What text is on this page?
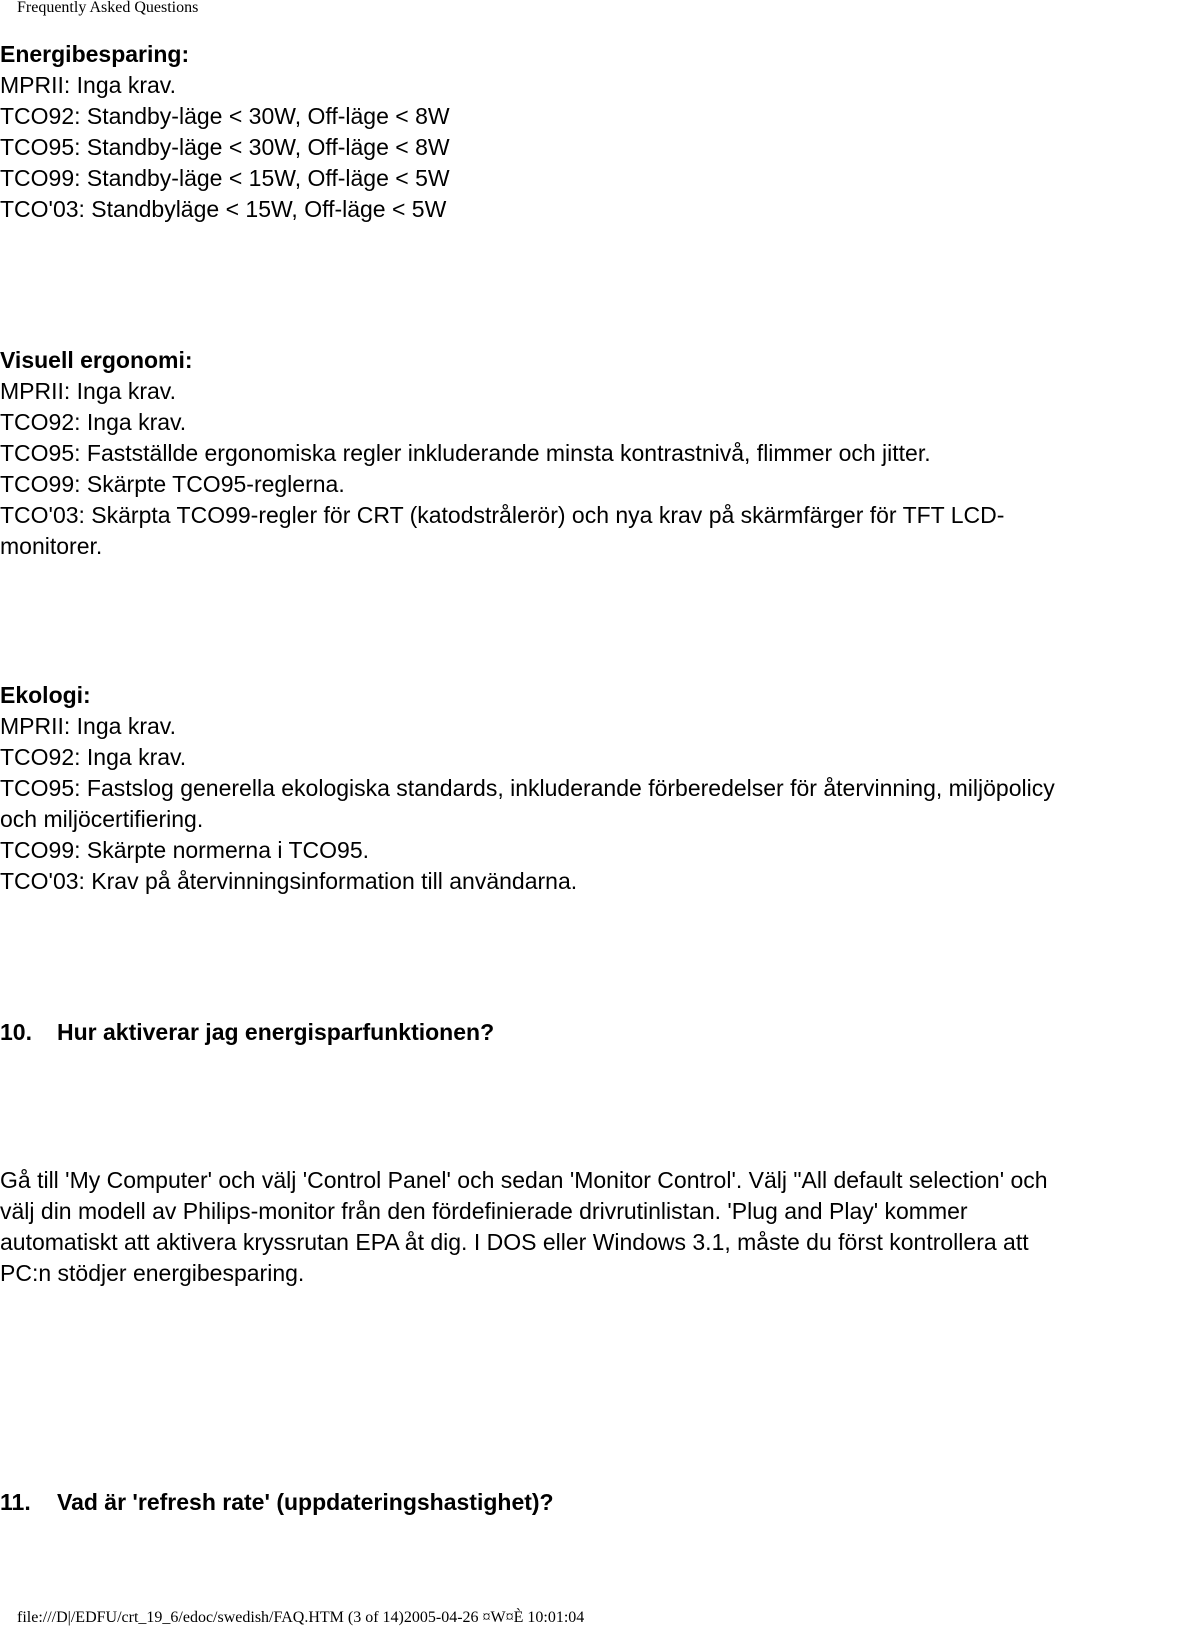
Frequently Asked Questions
Energibesparing:
MPRII: Inga krav.
TCO92: Standby-läge < 30W, Off-läge < 8W
TCO95: Standby-läge < 30W, Off-läge < 8W
TCO99: Standby-läge < 15W, Off-läge < 5W
TCO'03: Standbyläge < 15W, Off-läge < 5W
Visuell ergonomi:
MPRII: Inga krav.
TCO92: Inga krav.
TCO95: Fastställde ergonomiska regler inkluderande minsta kontrastnivå, flimmer och jitter.
TCO99: Skärpte TCO95-reglerna.
TCO'03: Skärpta TCO99-regler för CRT (katodstrålerör) och nya krav på skärmfärger för TFT LCD-
monitorer.
Ekologi:
MPRII: Inga krav.
TCO92: Inga krav.
TCO95: Fastslog generella ekologiska standards, inkluderande förberedelser för återvinning, miljöpolicy
och miljöcertifiering.
TCO99: Skärpte normerna i TCO95.
TCO'03: Krav på återvinningsinformation till användarna.
10. Hur aktiverar jag energisparfunktionen?
Gå till 'My Computer' och välj 'Control Panel' och sedan 'Monitor Control'. Välj "All default selection' och
välj din modell av Philips-monitor från den fördefinierade drivrutinlistan. 'Plug and Play' kommer
automatiskt att aktivera kryssrutan EPA åt dig. I DOS eller Windows 3.1, måste du först kontrollera att
PC:n stödjer energibesparing.
11. Vad är 'refresh rate' (uppdateringshastighet)?
file:///D|/EDFU/crt_19_6/edoc/swedish/FAQ.HTM (3 of 14)2005-04-26 ¤W¤È 10:01:04
